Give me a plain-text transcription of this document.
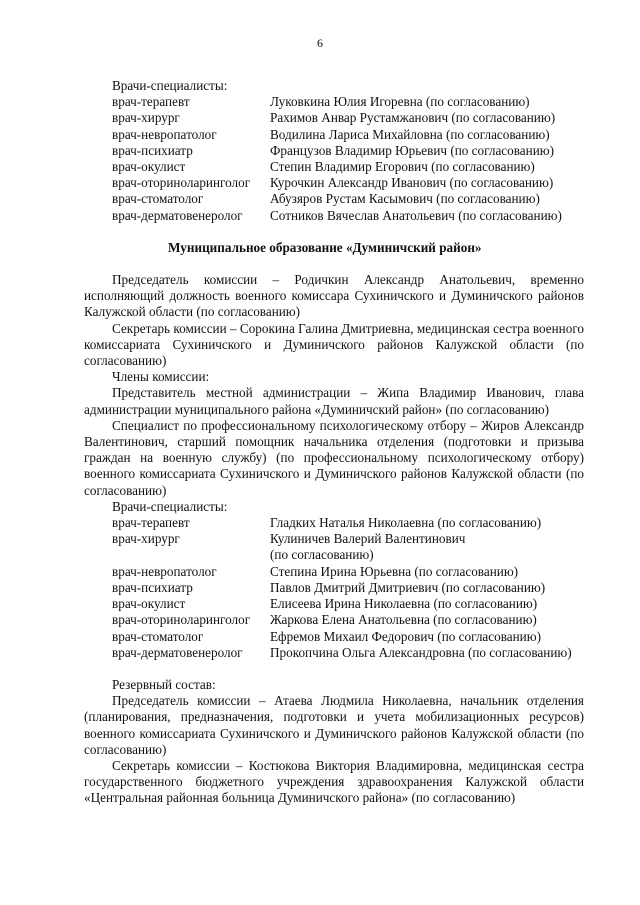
6
Врачи-специалисты:
врач-терапевт	Луковкина Юлия Игоревна (по согласованию)
врач-хирург	Рахимов Анвар Рустамжанович (по согласованию)
врач-невропатолог	Водилина Лариса Михайловна (по согласованию)
врач-психиатр	Французов Владимир Юрьевич (по согласованию)
врач-окулист	Степин Владимир Егорович (по согласованию)
врач-оториноларинголог	Курочкин Александр Иванович (по согласованию)
врач-стоматолог	Абузяров Рустам Касымович (по согласованию)
врач-дерматовенеролог	Сотников Вячеслав Анатольевич (по согласованию)
Муниципальное образование «Думиничский район»
Председатель комиссии – Родичкин Александр Анатольевич, временно исполняющий должность военного комиссара Сухиничского и Думиничского районов Калужской области (по согласованию)
Секретарь комиссии – Сорокина Галина Дмитриевна, медицинская сестра военного комиссариата Сухиничского и Думиничского районов Калужской области (по согласованию)
Члены комиссии:
Представитель местной администрации – Жипа Владимир Иванович, глава администрации муниципального района «Думиничский район» (по согласованию)
Специалист по профессиональному психологическому отбору – Жиров Александр Валентинович, старший помощник начальника отделения (подготовки и призыва граждан на военную службу) (по профессиональному психологическому отбору) военного комиссариата Сухиничского и Думиничского районов Калужской области (по согласованию)
Врачи-специалисты:
врач-терапевт	Гладких Наталья Николаевна (по согласованию)
врач-хирург	Кулиничев Валерий Валентинович
(по согласованию)
врач-невропатолог	Степина Ирина Юрьевна (по согласованию)
врач-психиатр	Павлов Дмитрий Дмитриевич (по согласованию)
врач-окулист	Елисеева Ирина Николаевна (по согласованию)
врач-оториноларинголог	Жаркова Елена Анатольевна (по согласованию)
врач-стоматолог	Ефремов Михаил Федорович (по согласованию)
врач-дерматовенеролог	Прокопчина Ольга Александровна (по согласованию)
Резервный состав:
Председатель комиссии – Атаева Людмила Николаевна, начальник отделения (планирования, предназначения, подготовки и учета мобилизационных ресурсов) военного комиссариата Сухиничского и Думиничского районов Калужской области (по согласованию)
Секретарь комиссии – Костюкова Виктория Владимировна, медицинская сестра государственного бюджетного учреждения здравоохранения Калужской области «Центральная районная больница Думиничского района» (по согласованию)
